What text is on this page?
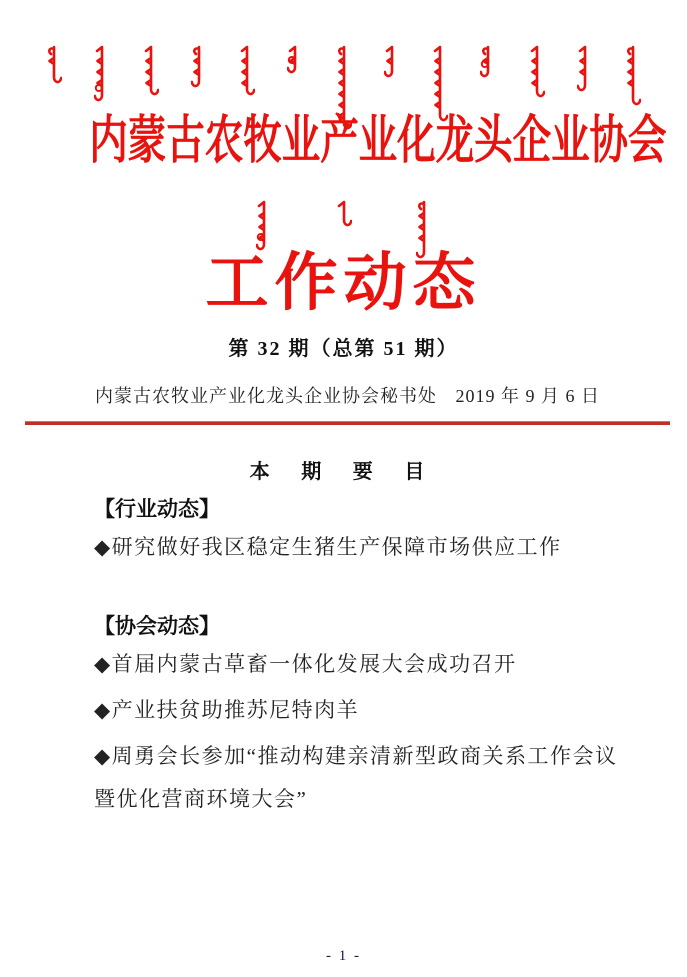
内蒙古农牧业产业化龙头企业协会
工作动态
第 32 期（总第 51 期）
内蒙古农牧业产业化龙头企业协会秘书处 2019 年 9 月 6 日
本 期 要 目
【行业动态】
◆研究做好我区稳定生猪生产保障市场供应工作
【协会动态】
◆首届内蒙古草畜一体化发展大会成功召开
◆产业扶贫助推苏尼特肉羊
◆周勇会长参加“推动构建亲清新型政商关系工作会议暨优化营商环境大会”
- 1 -
